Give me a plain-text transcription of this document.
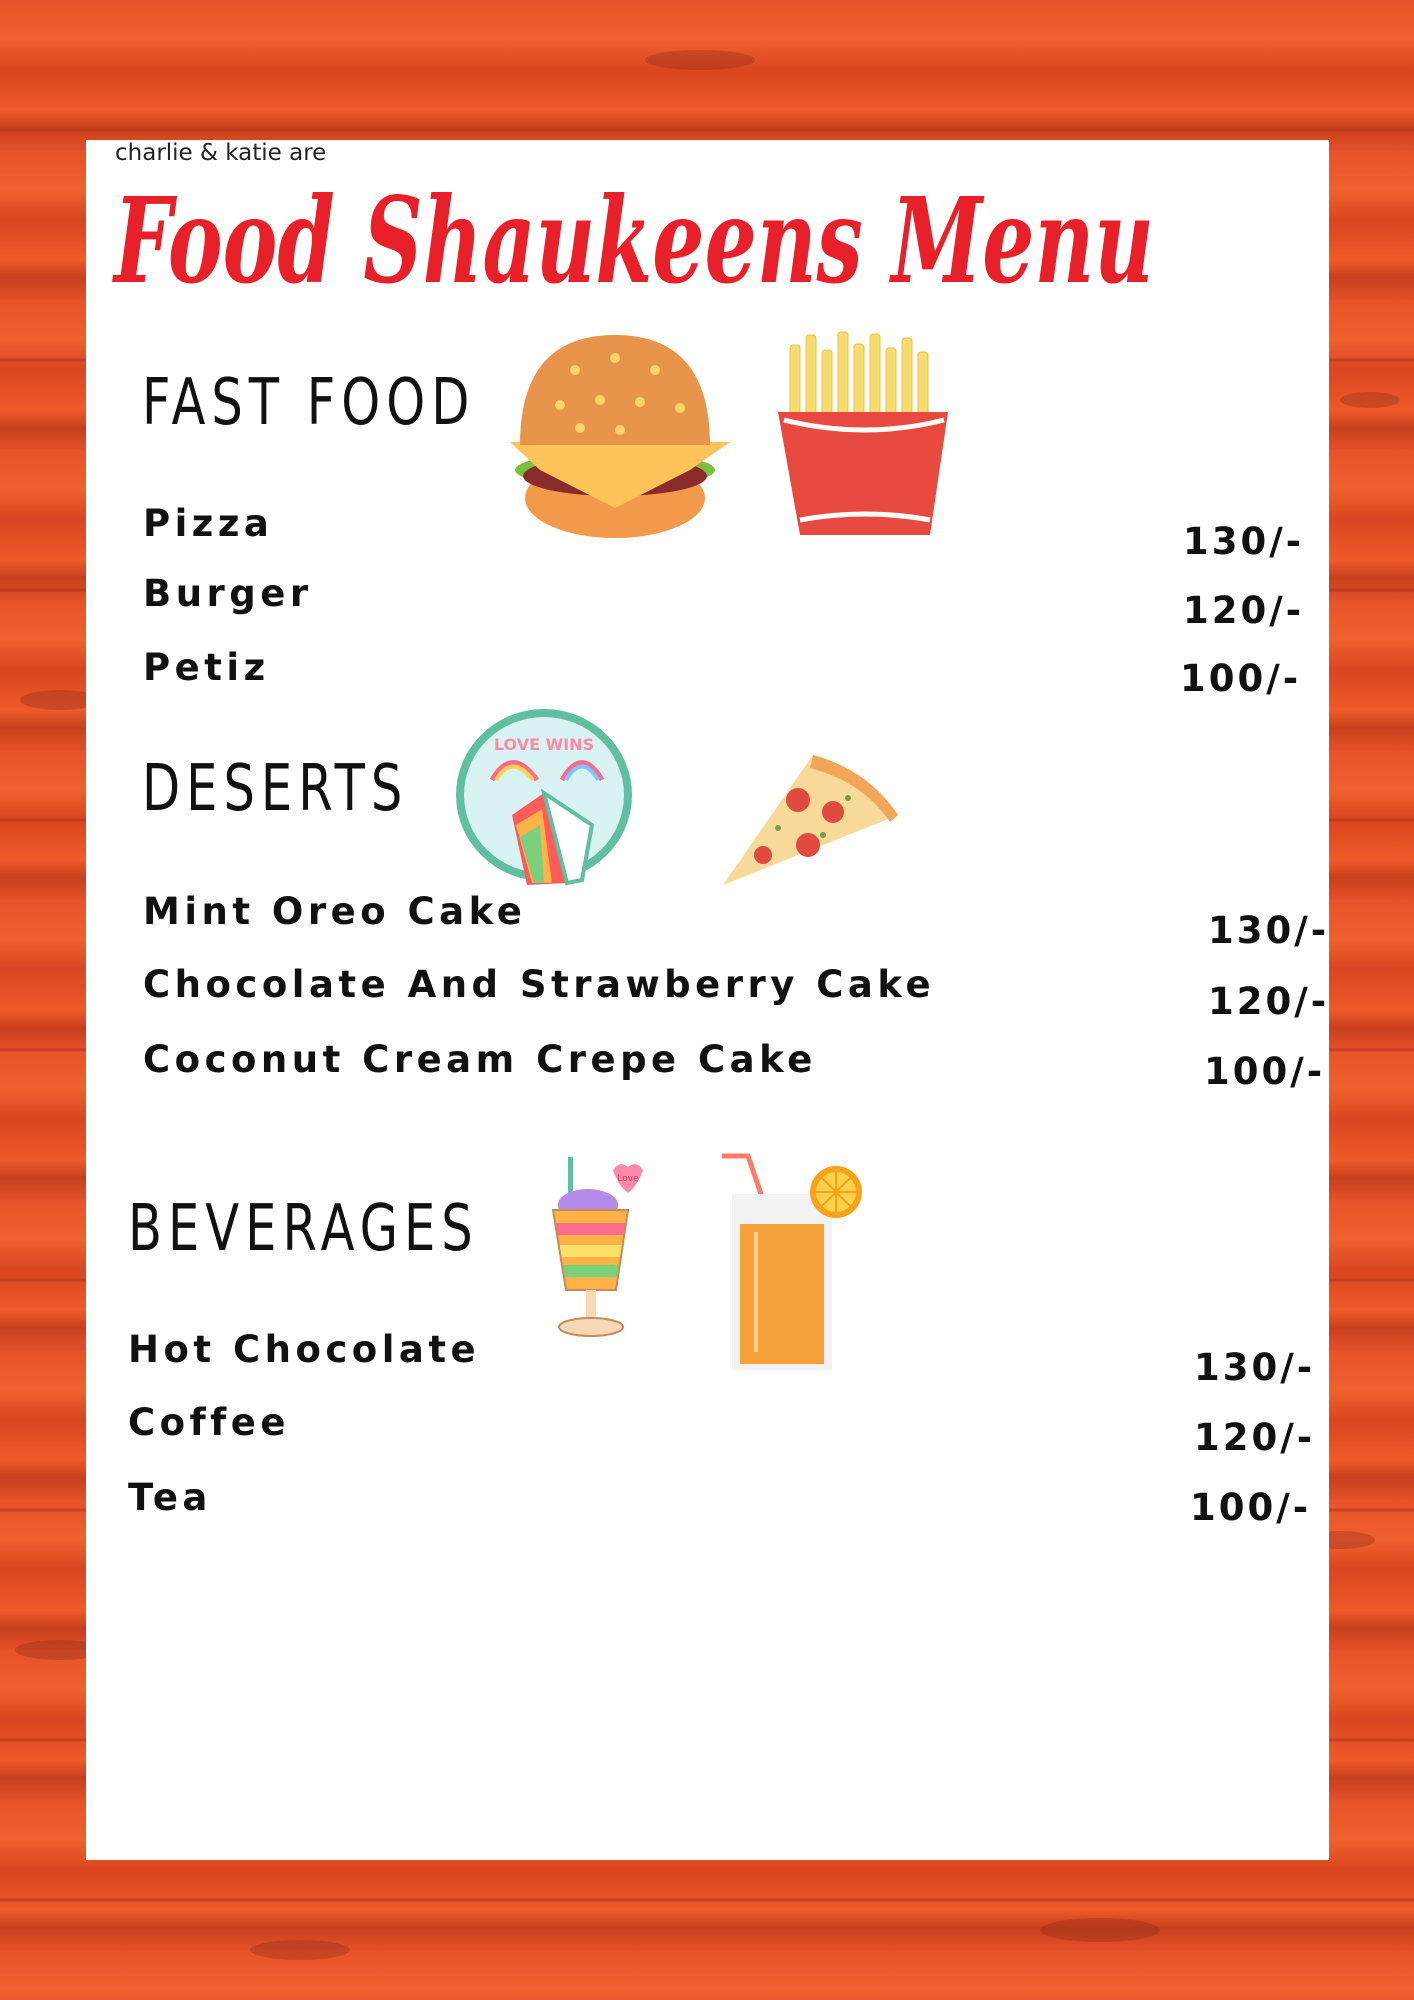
charlie & katie are
Food Shaukeens Menu
FAST FOOD
Pizza	130/-
Burger	120/-
Petiz	100/-
DESERTS
Mint Oreo Cake	130/-
Chocolate And Strawberry Cake	120/-
Coconut Cream Crepe Cake	100/-
LOVE WINS
BEVERAGES
Hot Chocolate	130/-
Coffee	120/-
Tea	100/-
Love
